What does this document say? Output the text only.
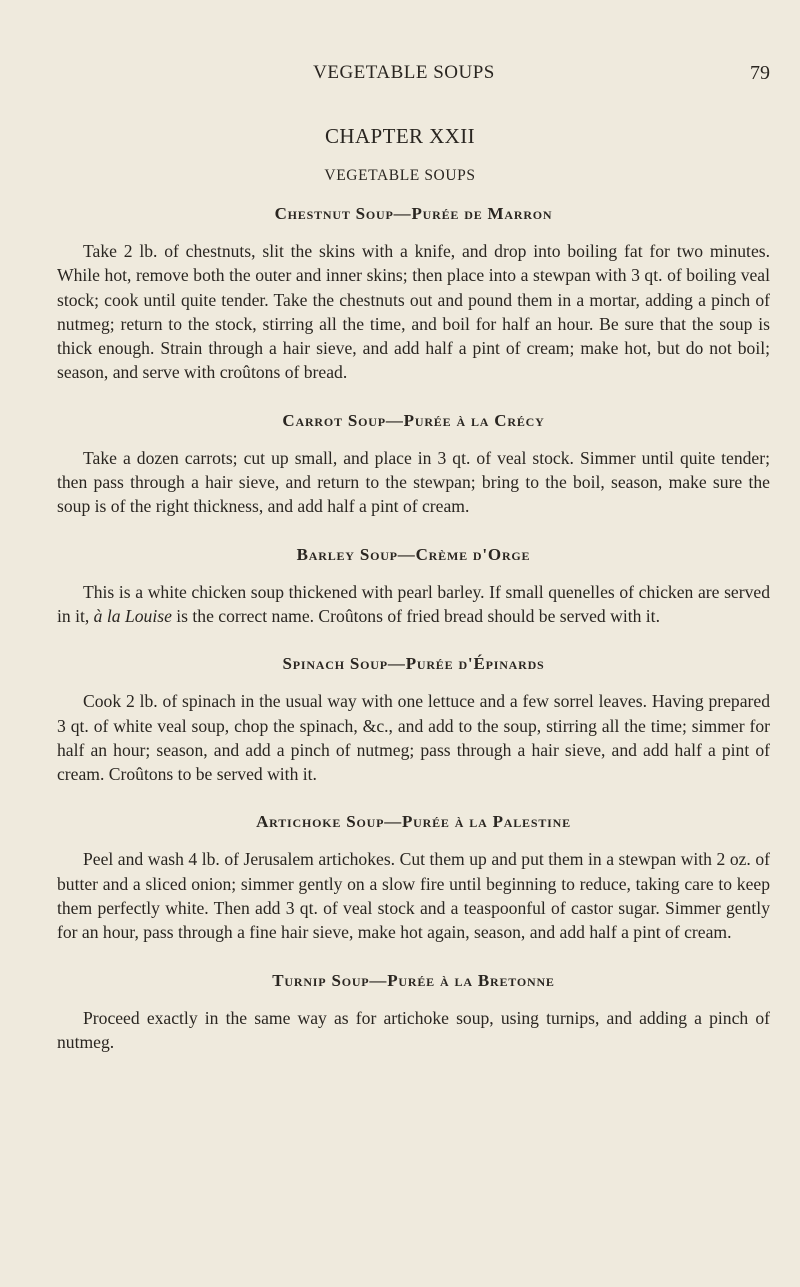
VEGETABLE SOUPS	79
CHAPTER XXII
VEGETABLE SOUPS
Chestnut Soup—Purée de Marron

Take 2 lb. of chestnuts, slit the skins with a knife, and drop into boiling fat for two minutes. While hot, remove both the outer and inner skins; then place into a stewpan with 3 qt. of boiling veal stock; cook until quite tender. Take the chestnuts out and pound them in a mortar, adding a pinch of nutmeg; return to the stock, stirring all the time, and boil for half an hour. Be sure that the soup is thick enough. Strain through a hair sieve, and add half a pint of cream; make hot, but do not boil; season, and serve with croûtons of bread.

Carrot Soup—Purée à la Crécy

Take a dozen carrots; cut up small, and place in 3 qt. of veal stock. Simmer until quite tender; then pass through a hair sieve, and return to the stewpan; bring to the boil, season, make sure the soup is of the right thickness, and add half a pint of cream.

Barley Soup—Crème d'Orge

This is a white chicken soup thickened with pearl barley. If small quenelles of chicken are served in it, à la Louise is the correct name. Croûtons of fried bread should be served with it.

Spinach Soup—Purée d'Épinards

Cook 2 lb. of spinach in the usual way with one lettuce and a few sorrel leaves. Having prepared 3 qt. of white veal soup, chop the spinach, &c., and add to the soup, stirring all the time; simmer for half an hour; season, and add a pinch of nutmeg; pass through a hair sieve, and add half a pint of cream. Croûtons to be served with it.

Artichoke Soup—Purée à la Palestine

Peel and wash 4 lb. of Jerusalem artichokes. Cut them up and put them in a stewpan with 2 oz. of butter and a sliced onion; simmer gently on a slow fire until beginning to reduce, taking care to keep them perfectly white. Then add 3 qt. of veal stock and a teaspoonful of castor sugar. Simmer gently for an hour, pass through a fine hair sieve, make hot again, season, and add half a pint of cream.

Turnip Soup—Purée à la Bretonne

Proceed exactly in the same way as for artichoke soup, using turnips, and adding a pinch of nutmeg.
